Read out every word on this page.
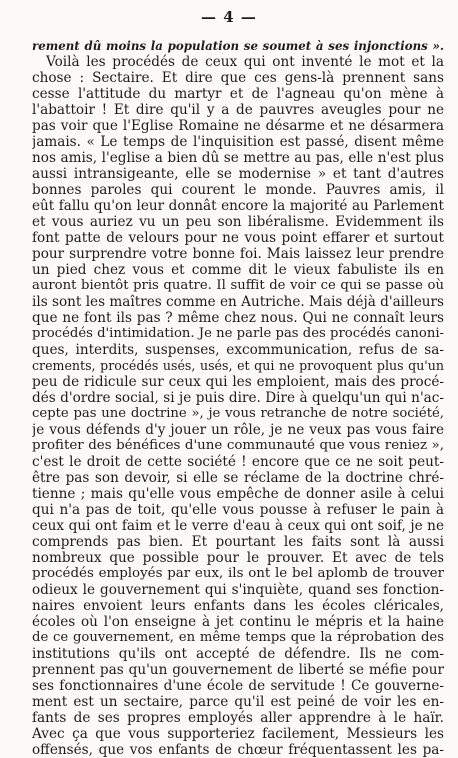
— 4 —
rement dû moins la population se soumet à ses injonctions ».
Voilà les procédés de ceux qui ont inventé le mot et la
chose : Sectaire. Et dire que ces gens-là prennent sans
cesse l'attitude du martyr et de l'agneau qu'on mène à
l'abattoir ! Et dire qu'il y a de pauvres aveugles pour ne
pas voir que l'Eglise Romaine ne désarme et ne désarmera
jamais. « Le temps de l'inquisition est passé, disent même
nos amis, l'eglise a bien dû se mettre au pas, elle n'est plus
aussi intransigeante, elle se modernise » et tant d'autres
bonnes paroles qui courent le monde. Pauvres amis, il
eût fallu qu'on leur donnât encore la majorité au Parlement
et vous auriez vu un peu son libéralisme. Evidemment ils
font patte de velours pour ne vous point effarer et surtout
pour surprendre votre bonne foi. Mais laissez leur prendre
un pied chez vous et comme dit le vieux fabuliste ils en
auront bientôt pris quatre. Il suffit de voir ce qui se passe où
ils sont les maîtres comme en Autriche. Mais déjà d'ailleurs
que ne font ils pas ? même chez nous. Qui ne connaît leurs
procédés d'intimidation. Je ne parle pas des procédés canoni-
ques, interdits, suspenses, excommunication, refus de sa-
crements, procédés usés, usés, et qui ne provoquent plus qu'un
peu de ridicule sur ceux qui les emploient, mais des procé-
dés d'ordre social, si je puis dire. Dire à quelqu'un qui n'ac-
cepte pas une doctrine », je vous retranche de notre société,
je vous défends d'y jouer un rôle, je ne veux pas vous faire
profiter des bénéfices d'une communauté que vous reniez »,
c'est le droit de cette société ! encore que ce ne soit peut-
être pas son devoir, si elle se réclame de la doctrine chré-
tienne ; mais qu'elle vous empêche de donner asile à celui
qui n'a pas de toit, qu'elle vous pousse à refuser le pain à
ceux qui ont faim et le verre d'eau à ceux qui ont soif, je ne
comprends pas bien. Et pourtant les faits sont là aussi
nombreux que possible pour le prouver. Et avec de tels
procédés employés par eux, ils ont le bel aplomb de trouver
odieux le gouvernement qui s'inquiète, quand ses fonction-
naires envoient leurs enfants dans les écoles cléricales,
écoles où l'on enseigne à jet continu le mépris et la haine
de ce gouvernement, en même temps que la réprobation des
institutions qu'ils ont accepté de défendre. Ils ne com-
prennent pas qu'un gouvernement de liberté se méfie pour
ses fonctionnaires d'une école de servitude ! Ce gouverne-
ment est un sectaire, parce qu'il est peiné de voir les en-
fants de ses propres employés aller apprendre à le haïr.
Avec ça que vous supporteriez facilement, Messieurs les
offensés, que vos enfants de chœur fréquentassent les pa-
